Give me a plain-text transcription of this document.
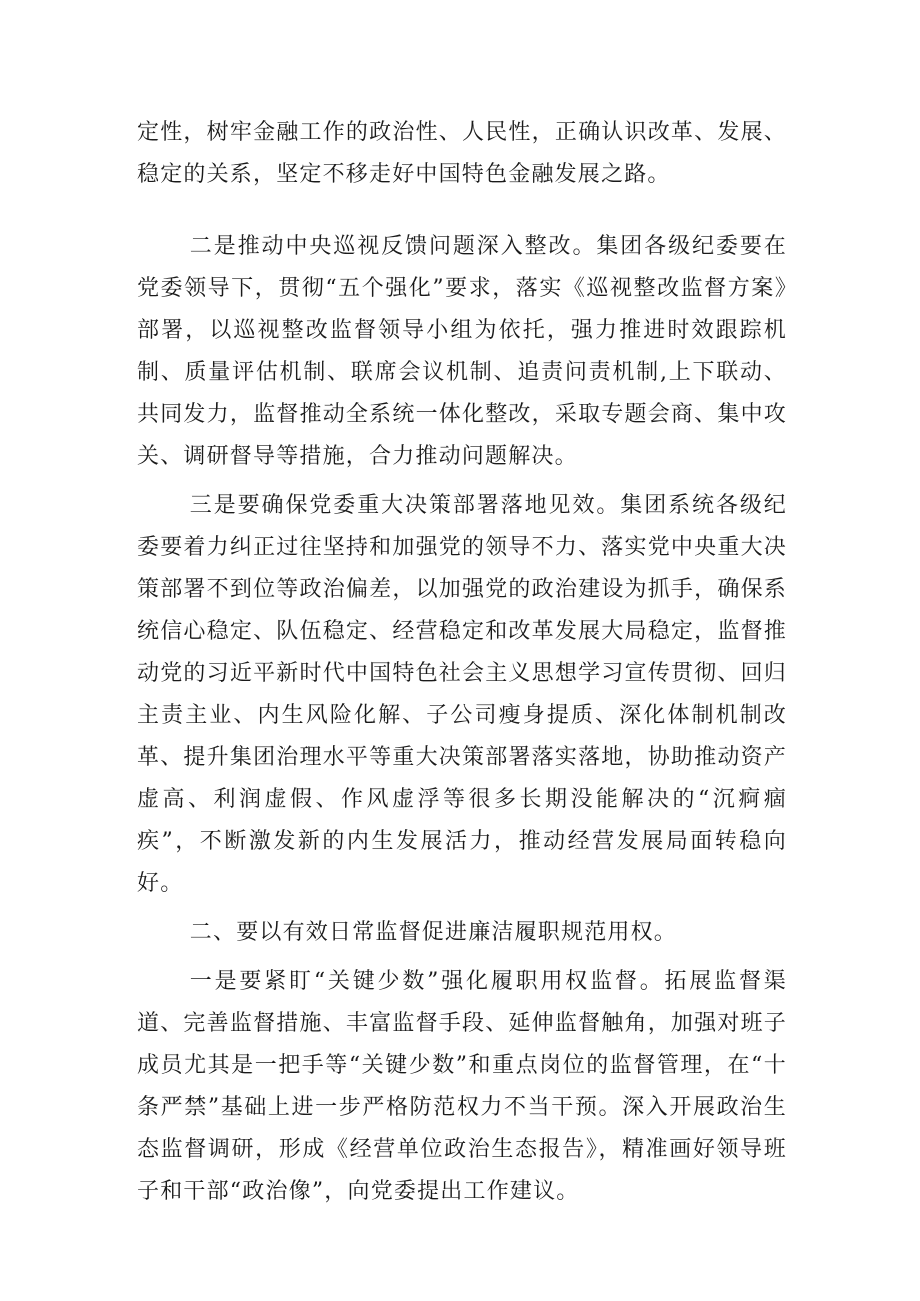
定性，树牢金融工作的政治性、人民性，正确认识改革、发展、稳定的关系，坚定不移走好中国特色金融发展之路。

二是推动中央巡视反馈问题深入整改。集团各级纪委要在党委领导下，贯彻“五个强化”要求，落实《巡视整改监督方案》部署，以巡视整改监督领导小组为依托，强力推进时效跟踪机制、质量评估机制、联席会议机制、追责问责机制,上下联动、共同发力，监督推动全系统一体化整改，采取专题会商、集中攻关、调研督导等措施，合力推动问题解决。

三是要确保党委重大决策部署落地见效。集团系统各级纪委要着力纠正过往坚持和加强党的领导不力、落实党中央重大决策部署不到位等政治偏差，以加强党的政治建设为抓手，确保系统信心稳定、队伍稳定、经营稳定和改革发展大局稳定，监督推动党的习近平新时代中国特色社会主义思想学习宣传贯彻、回归主责主业、内生风险化解、子公司瘦身提质、深化体制机制改革、提升集团治理水平等重大决策部署落实落地，协助推动资产虚高、利润虚假、作风虚浮等很多长期没能解决的“沉痾痼疾”，不断激发新的内生发展活力，推动经营发展局面转稳向好。

二、要以有效日常监督促进廉洁履职规范用权。

一是要紧盯“关键少数”强化履职用权监督。拓展监督渠道、完善监督措施、丰富监督手段、延伸监督触角，加强对班子成员尤其是一把手等“关键少数”和重点岗位的监督管理，在“十条严禁”基础上进一步严格防范权力不当干预。深入开展政治生态监督调研，形成《经营单位政治生态报告》，精准画好领导班子和干部“政治像”，向党委提出工作建议。
